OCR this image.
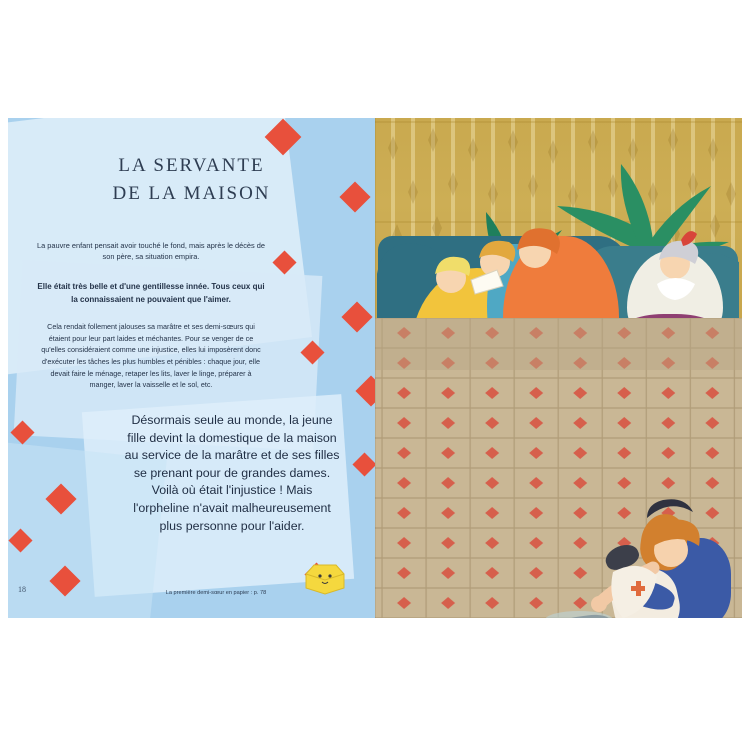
LA SERVANTE
DE LA MAISON
La pauvre enfant pensait avoir touché le fond, mais après le décès de son père, sa situation empira.
Elle était très belle et d'une gentillesse innée. Tous ceux qui la connaissaient ne pouvaient que l'aimer.
Cela rendait follement jalouses sa marâtre et ses demi-sœurs qui étaient pour leur part laides et méchantes. Pour se venger de ce qu'elles considéraient comme une injustice, elles lui imposèrent donc d'exécuter les tâches les plus humbles et pénibles : chaque jour, elle devait faire le ménage, retaper les lits, laver le linge, préparer à manger, laver la vaisselle et le sol, etc.
Désormais seule au monde, la jeune fille devint la domestique de la maison au service de la marâtre et de ses filles se prenant pour de grandes dames. Voilà où était l'injustice ! Mais l'orpheline n'avait malheureusement plus personne pour l'aider.
18	La première demi-sœur en papier : p. 78
